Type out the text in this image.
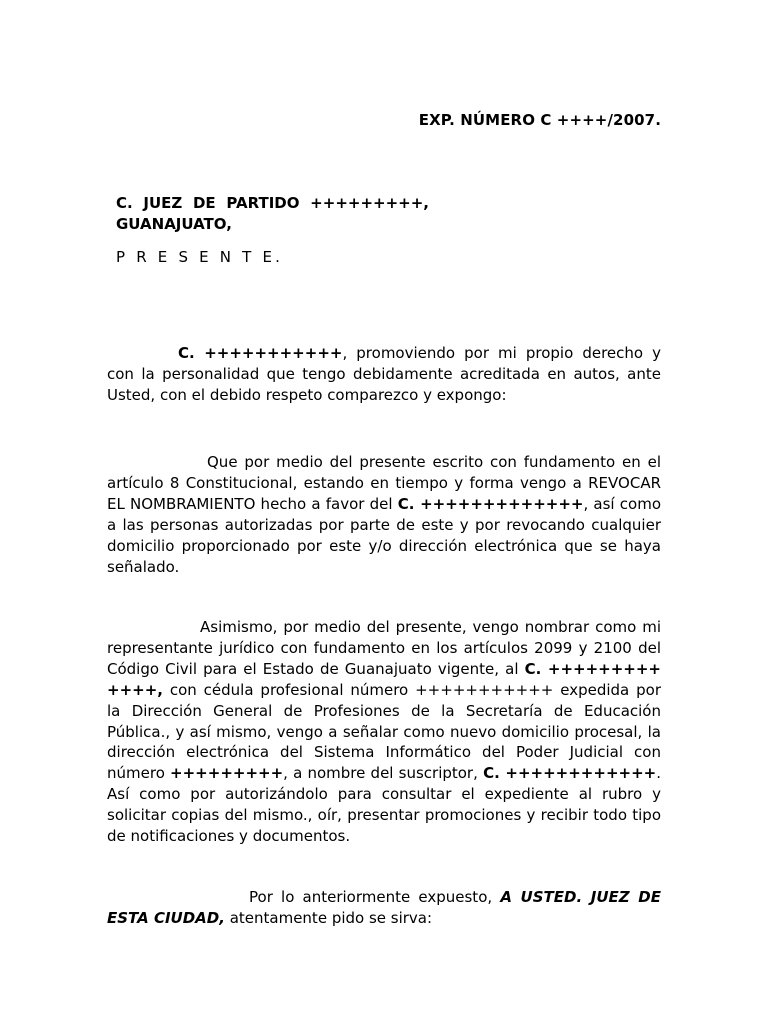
EXP. NÚMERO C ++++/2007.
C. JUEZ DE PARTIDO +++++++++,
GUANAJUATO,
P R E S E N T E.
C. +++++++++++, promoviendo por mi propio derecho y con la personalidad que tengo debidamente acreditada en autos, ante Usted, con el debido respeto comparezco y expongo:
Que por medio del presente escrito con fundamento en el artículo 8 Constitucional, estando en tiempo y forma vengo a REVOCAR EL NOMBRAMIENTO hecho a favor del C. +++++++++++++, así como a las personas autorizadas por parte de este y por revocando cualquier domicilio proporcionado por este y/o dirección electrónica que se haya señalado.
Asimismo, por medio del presente, vengo nombrar como mi representante jurídico con fundamento en los artículos 2099 y 2100 del Código Civil para el Estado de Guanajuato vigente, al C. +++++++++ ++++, con cédula profesional número +++++++++++ expedida por la Dirección General de Profesiones de la Secretaría de Educación Pública., y así mismo, vengo a señalar como nuevo domicilio procesal, la dirección electrónica del Sistema Informático del Poder Judicial con número +++++++++, a nombre del suscriptor, C. ++++++++++++. Así como por autorizándolo para consultar el expediente al rubro y solicitar copias del mismo., oír, presentar promociones y recibir todo tipo de notificaciones y documentos.
Por lo anteriormente expuesto, A USTED. JUEZ DE ESTA CIUDAD, atentamente pido se sirva:
